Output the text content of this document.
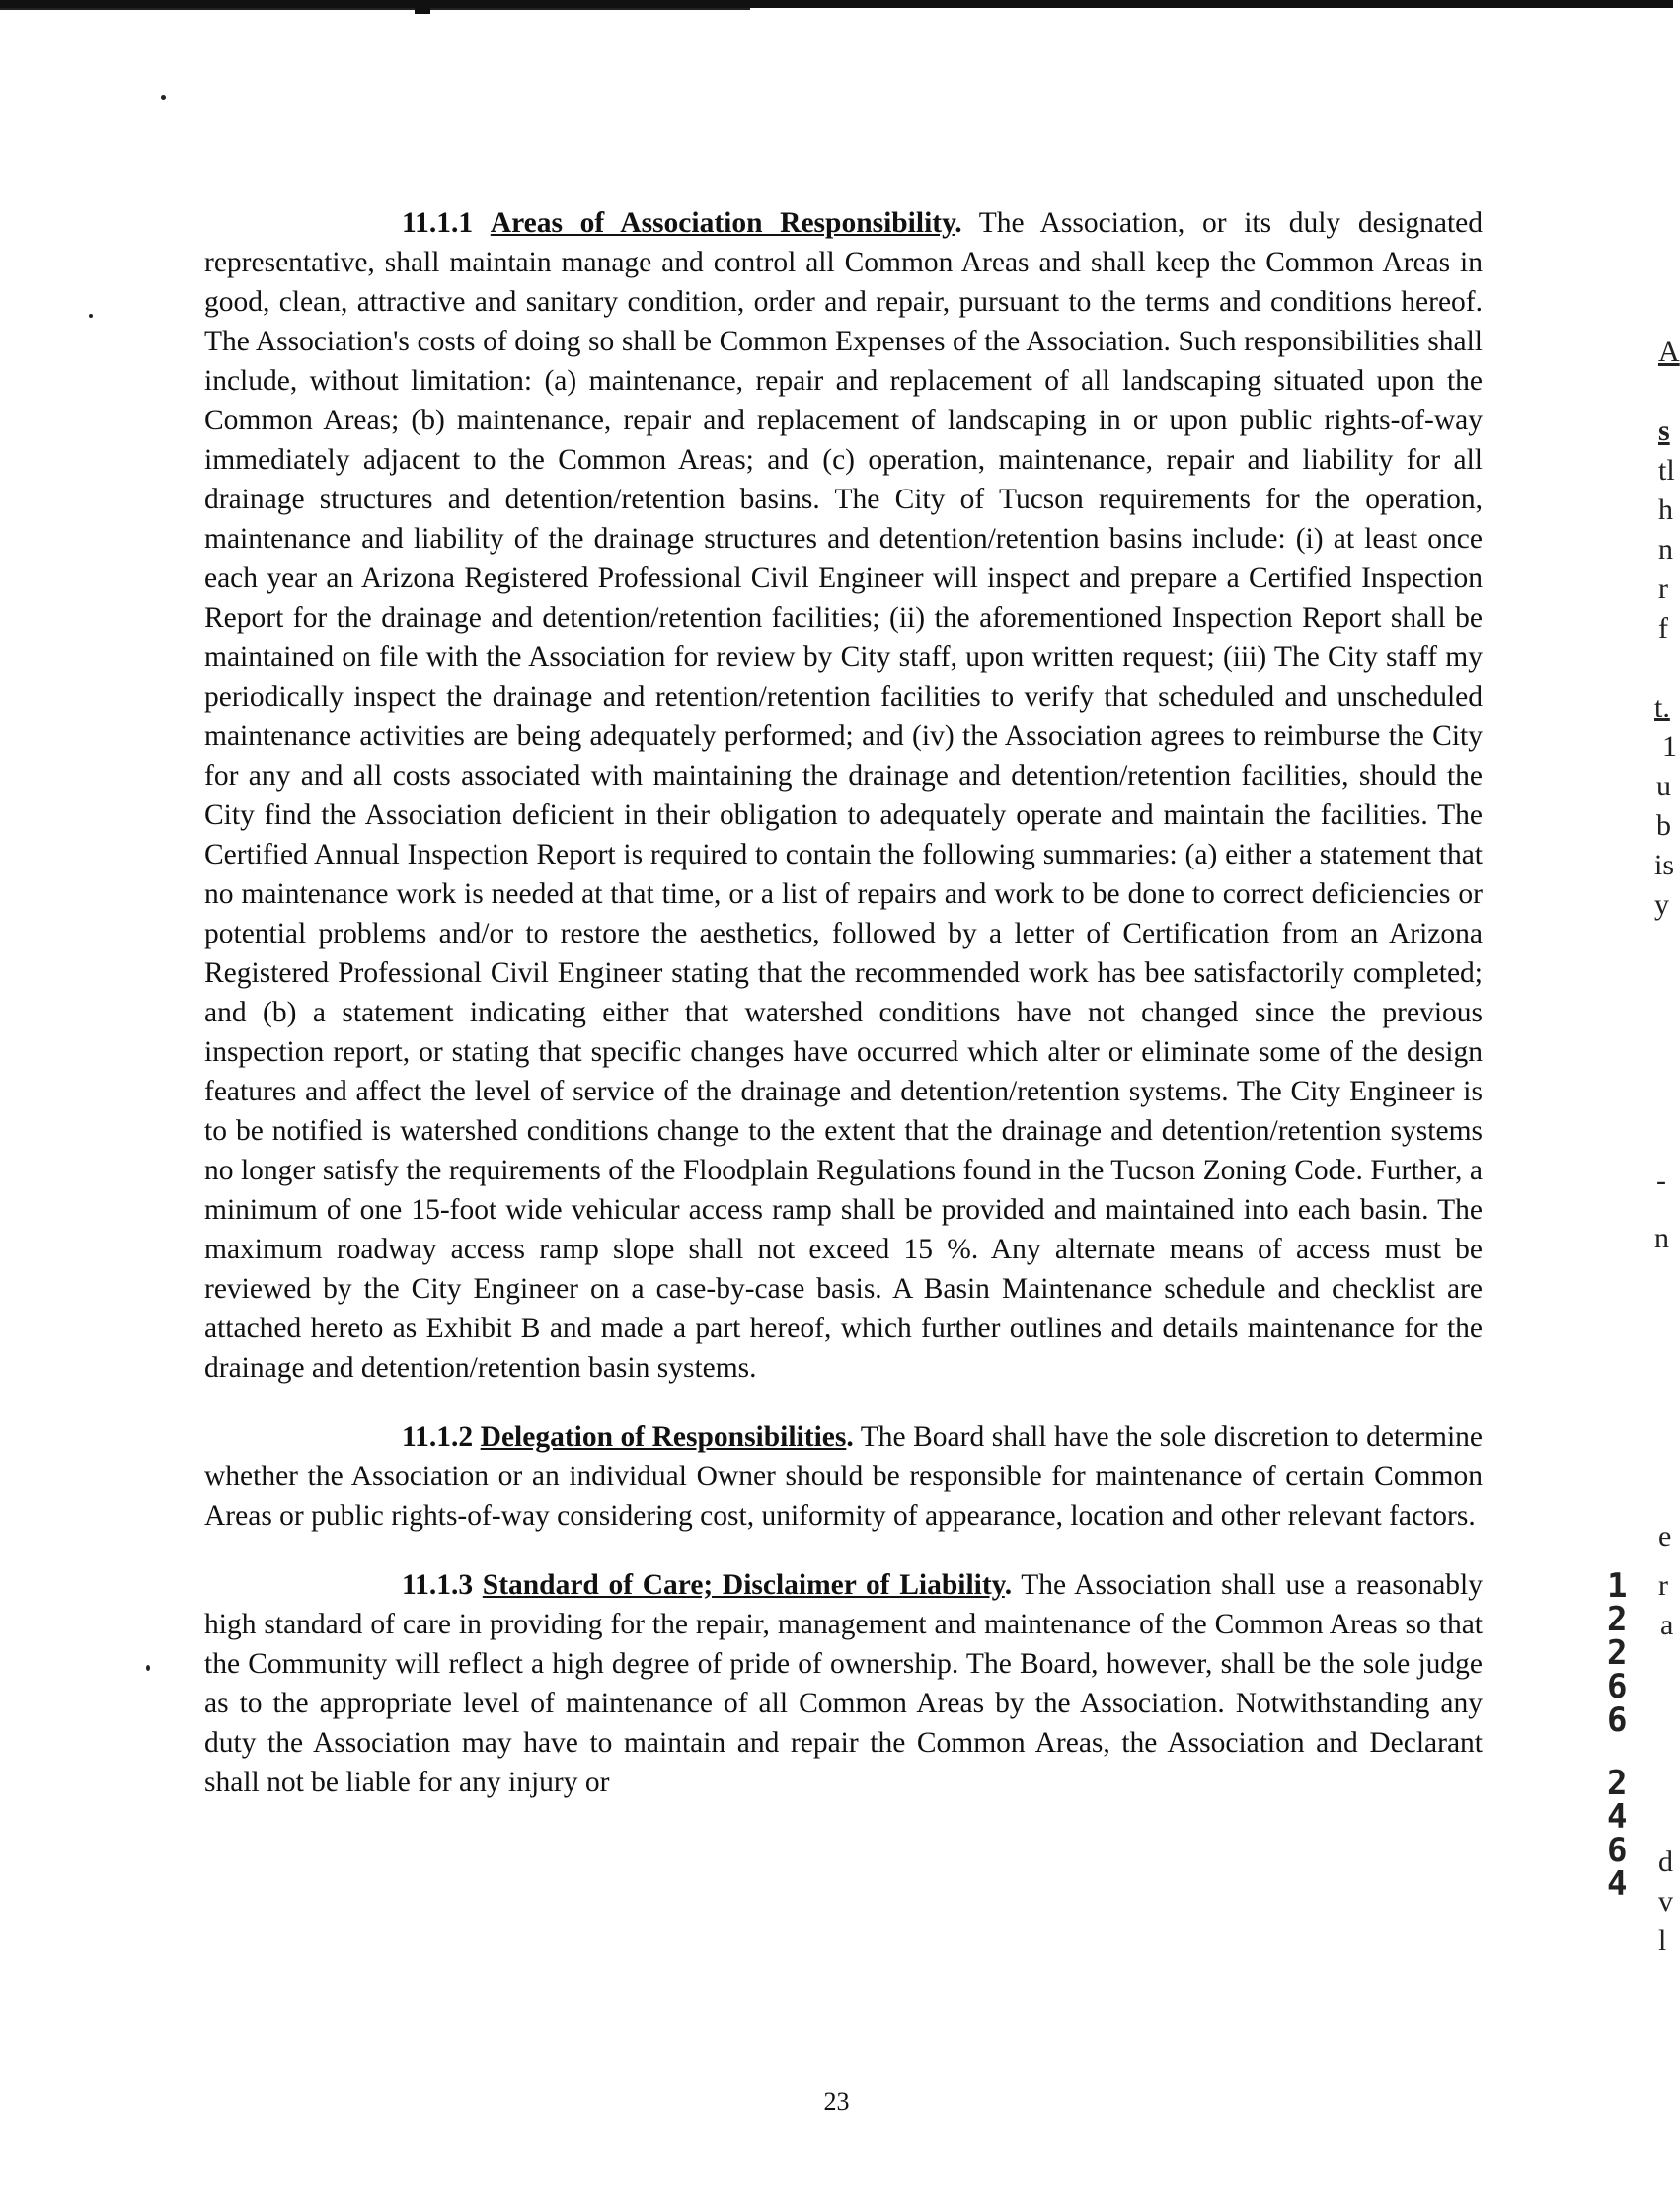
11.1.1 Areas of Association Responsibility. The Association, or its duly designated representative, shall maintain manage and control all Common Areas and shall keep the Common Areas in good, clean, attractive and sanitary condition, order and repair, pursuant to the terms and conditions hereof. The Association's costs of doing so shall be Common Expenses of the Association. Such responsibilities shall include, without limitation: (a) maintenance, repair and replacement of all landscaping situated upon the Common Areas; (b) maintenance, repair and replacement of landscaping in or upon public rights-of-way immediately adjacent to the Common Areas; and (c) operation, maintenance, repair and liability for all drainage structures and detention/retention basins. The City of Tucson requirements for the operation, maintenance and liability of the drainage structures and detention/retention basins include: (i) at least once each year an Arizona Registered Professional Civil Engineer will inspect and prepare a Certified Inspection Report for the drainage and detention/retention facilities; (ii) the aforementioned Inspection Report shall be maintained on file with the Association for review by City staff, upon written request; (iii) The City staff my periodically inspect the drainage and retention/retention facilities to verify that scheduled and unscheduled maintenance activities are being adequately performed; and (iv) the Association agrees to reimburse the City for any and all costs associated with maintaining the drainage and detention/retention facilities, should the City find the Association deficient in their obligation to adequately operate and maintain the facilities. The Certified Annual Inspection Report is required to contain the following summaries: (a) either a statement that no maintenance work is needed at that time, or a list of repairs and work to be done to correct deficiencies or potential problems and/or to restore the aesthetics, followed by a letter of Certification from an Arizona Registered Professional Civil Engineer stating that the recommended work has bee satisfactorily completed; and (b) a statement indicating either that watershed conditions have not changed since the previous inspection report, or stating that specific changes have occurred which alter or eliminate some of the design features and affect the level of service of the drainage and detention/retention systems. The City Engineer is to be notified is watershed conditions change to the extent that the drainage and detention/retention systems no longer satisfy the requirements of the Floodplain Regulations found in the Tucson Zoning Code. Further, a minimum of one 15-foot wide vehicular access ramp shall be provided and maintained into each basin. The maximum roadway access ramp slope shall not exceed 15 %. Any alternate means of access must be reviewed by the City Engineer on a case-by-case basis. A Basin Maintenance schedule and checklist are attached hereto as Exhibit B and made a part hereof, which further outlines and details maintenance for the drainage and detention/retention basin systems.

11.1.2 Delegation of Responsibilities. The Board shall have the sole discretion to determine whether the Association or an individual Owner should be responsible for maintenance of certain Common Areas or public rights-of-way considering cost, uniformity of appearance, location and other relevant factors.

11.1.3 Standard of Care; Disclaimer of Liability. The Association shall use a reasonably high standard of care in providing for the repair, management and maintenance of the Common Areas so that the Community will reflect a high degree of pride of ownership. The Board, however, shall be the sole judge as to the appropriate level of maintenance of all Common Areas by the Association. Notwithstanding any duty the Association may have to maintain and repair the Common Areas, the Association and Declarant shall not be liable for any injury or

23
A
s
tl
h
n
r
f
t.
1
u
b
is
y
-
n
e
r
a
d
v
l
1
2
2
6
6
2
4
6
4
